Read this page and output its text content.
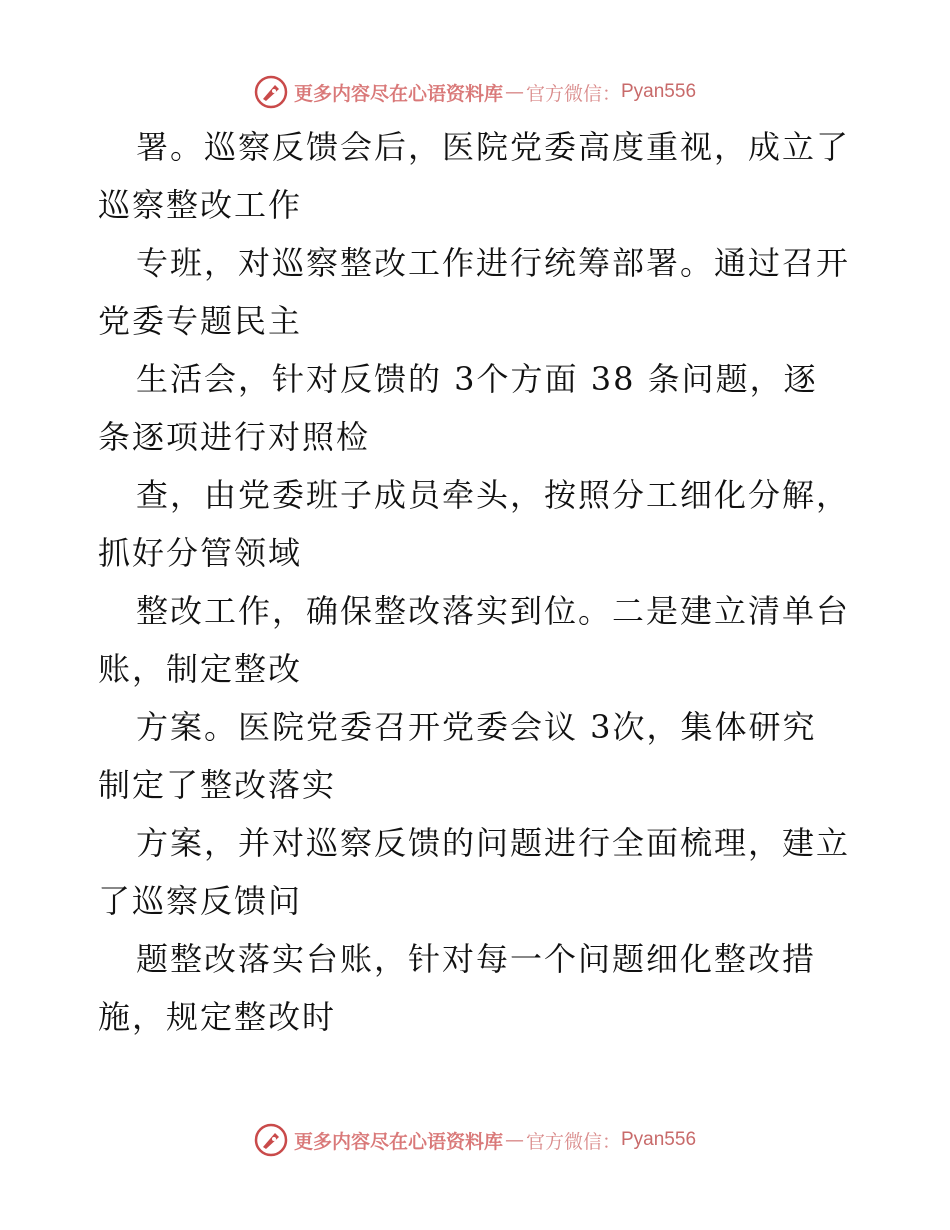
更多内容尽在心语资料库 — 官方微信： Pyan556
署。巡察反馈会后，医院党委高度重视，成立了
巡察整改工作
专班，对巡察整改工作进行统筹部署。通过召开
党委专题民主
生活会，针对反馈的 3个方面 38 条问题，逐
条逐项进行对照检
查，由党委班子成员牵头，按照分工细化分解，
抓好分管领域
整改工作，确保整改落实到位。二是建立清单台
账，制定整改
方案。医院党委召开党委会议 3次，集体研究
制定了整改落实
方案，并对巡察反馈的问题进行全面梳理，建立
了巡察反馈问
题整改落实台账，针对每一个问题细化整改措
施，规定整改时
更多内容尽在心语资料库 — 官方微信： Pyan556
